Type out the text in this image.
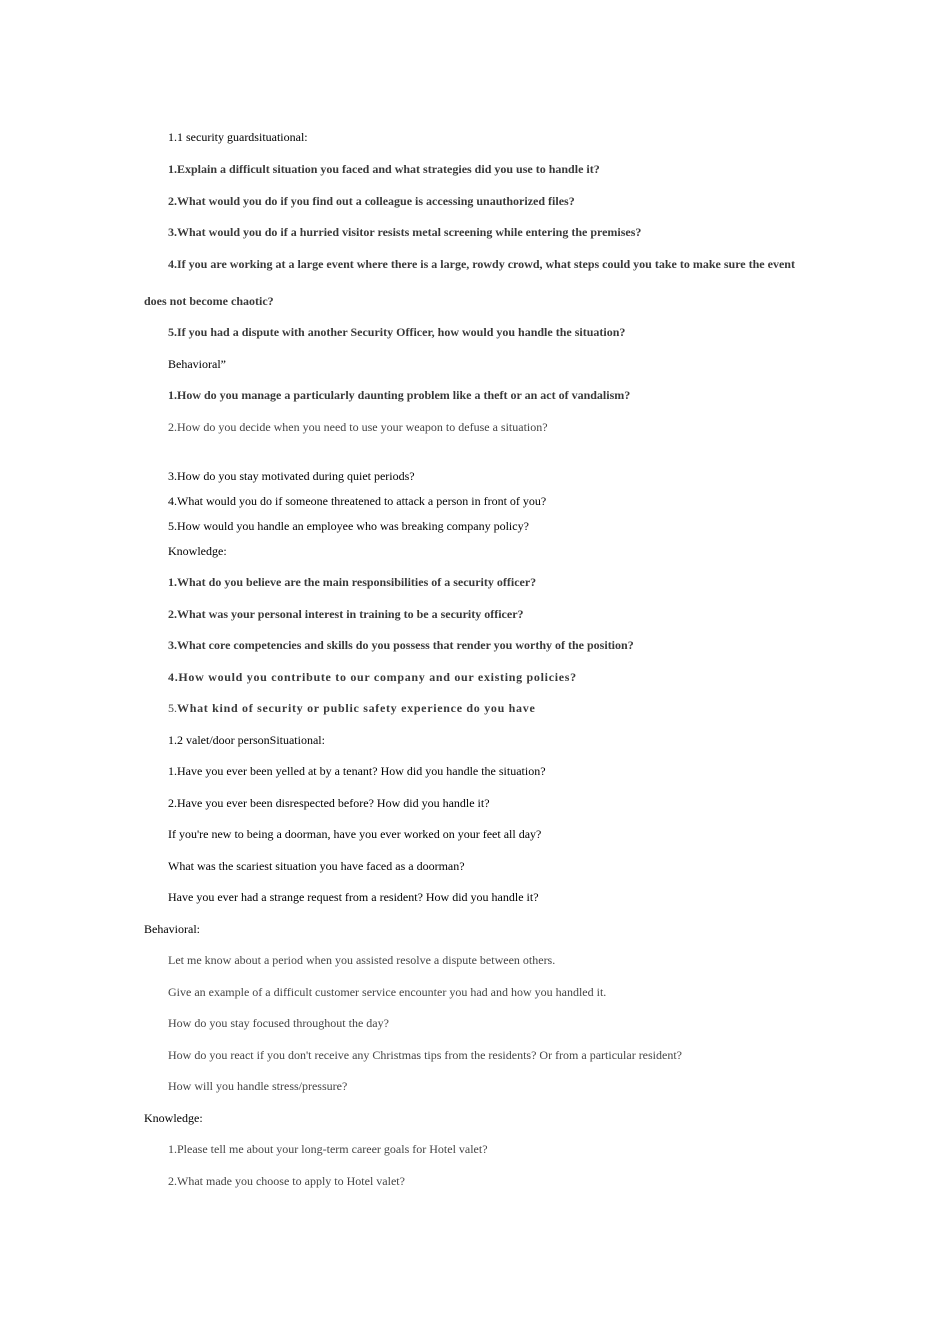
1.1 security guardsituational:
1.Explain a difficult situation you faced and what strategies did you use to handle it?
2.What would you do if you find out a colleague is accessing unauthorized files?
3.What would you do if a hurried visitor resists metal screening while entering the premises?
4.If you are working at a large event where there is a large, rowdy crowd, what steps could you take to make sure the event
does not become chaotic?
5.If you had a dispute with another Security Officer, how would you handle the situation?
Behavioral”
1.How do you manage a particularly daunting problem like a theft or an act of vandalism?
2.How do you decide when you need to use your weapon to defuse a situation?
3.How do you stay motivated during quiet periods?
4.What would you do if someone threatened to attack a person in front of you?
5.How would you handle an employee who was breaking company policy?
Knowledge:
1.What do you believe are the main responsibilities of a security officer?
2.What was your personal interest in training to be a security officer?
3.What core competencies and skills do you possess that render you worthy of the position?
4.How would you contribute to our company and our existing policies?
5.What kind of security or public safety experience do you have
1.2 valet/door personSituational:
1.Have you ever been yelled at by a tenant? How did you handle the situation?
2.Have you ever been disrespected before? How did you handle it?
If you're new to being a doorman, have you ever worked on your feet all day?
What was the scariest situation you have faced as a doorman?
Have you ever had a strange request from a resident? How did you handle it?
Behavioral:
Let me know about a period when you assisted resolve a dispute between others.
Give an example of a difficult customer service encounter you had and how you handled it.
How do you stay focused throughout the day?
How do you react if you don't receive any Christmas tips from the residents? Or from a particular resident?
How will you handle stress/pressure?
Knowledge:
1.Please tell me about your long-term career goals for Hotel valet?
2.What made you choose to apply to Hotel valet?
